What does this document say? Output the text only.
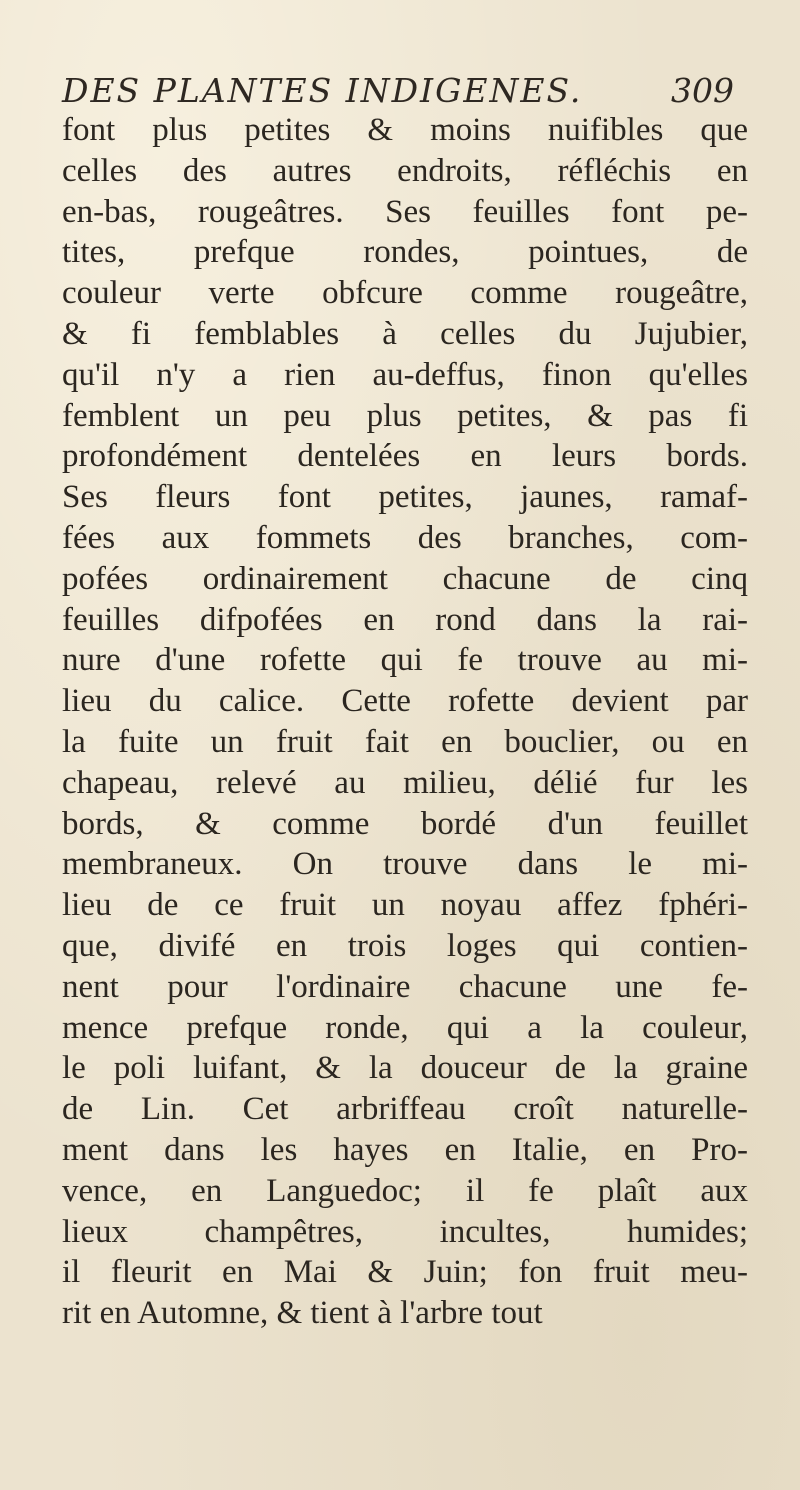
DES PLANTES INDIGENES.	309
font plus petites & moins nuifibles que
celles des autres endroits, réfléchis en
en-bas, rougeâtres. Ses feuilles font pe-
tites, prefque rondes, pointues, de
couleur verte obfcure comme rougeâtre,
& fi femblables à celles du Jujubier,
qu'il n'y a rien au-deffus, finon qu'elles
femblent un peu plus petites, & pas fi
profondément dentelées en leurs bords.
Ses fleurs font petites, jaunes, ramaf-
fées aux fommets des branches, com-
pofées ordinairement chacune de cinq
feuilles difpofées en rond dans la rai-
nure d'une rofette qui fe trouve au mi-
lieu du calice. Cette rofette devient par
la fuite un fruit fait en bouclier, ou en
chapeau, relevé au milieu, délié fur les
bords, & comme bordé d'un feuillet
membraneux. On trouve dans le mi-
lieu de ce fruit un noyau affez fphéri-
que, divifé en trois loges qui contien-
nent pour l'ordinaire chacune une fe-
mence prefque ronde, qui a la couleur,
le poli luifant, & la douceur de la graine
de Lin. Cet arbriffeau croît naturelle-
ment dans les hayes en Italie, en Pro-
vence, en Languedoc; il fe plaît aux
lieux champêtres, incultes, humides;
il fleurit en Mai & Juin; fon fruit meu-
rit en Automne, & tient à l'arbre tout
